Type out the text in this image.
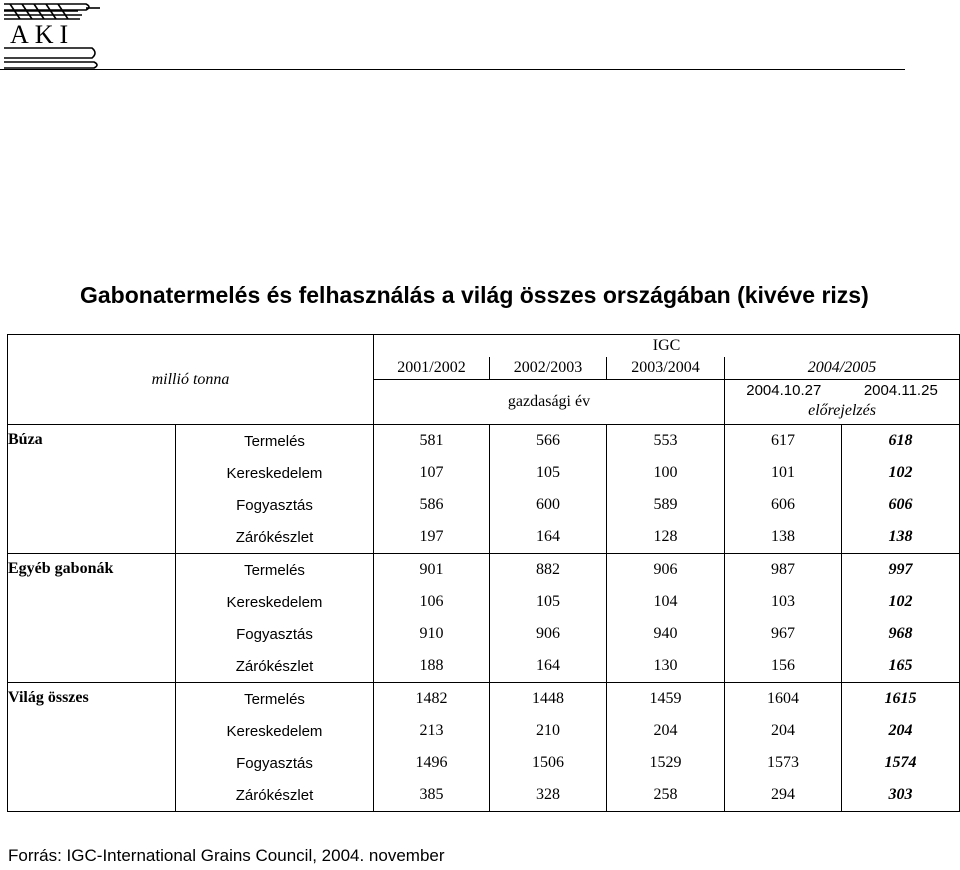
AKI
Gabonatermelés és felhasználás a világ összes országában (kivéve rizs)
millió tonna		IGC				
		2001/2002	2002/2003	2003/2004	2004/2005	
		gazdasági év			2004.10.27 2004.11.25
előrejelzés	

Búza	Termelés	581	566	553	617	618
	Kereskedelem	107	105	100	101	102
	Fogyasztás	586	600	589	606	606
	Zárókészlet	197	164	128	138	138
Egyéb gabonák	Termelés	901	882	906	987	997
	Kereskedelem	106	105	104	103	102
	Fogyasztás	910	906	940	967	968
	Zárókészlet	188	164	130	156	165
Világ összes	Termelés	1482	1448	1459	1604	1615
	Kereskedelem	213	210	204	204	204
	Fogyasztás	1496	1506	1529	1573	1574
	Zárókészlet	385	328	258	294	303
Forrás: IGC-International Grains Council, 2004. november
